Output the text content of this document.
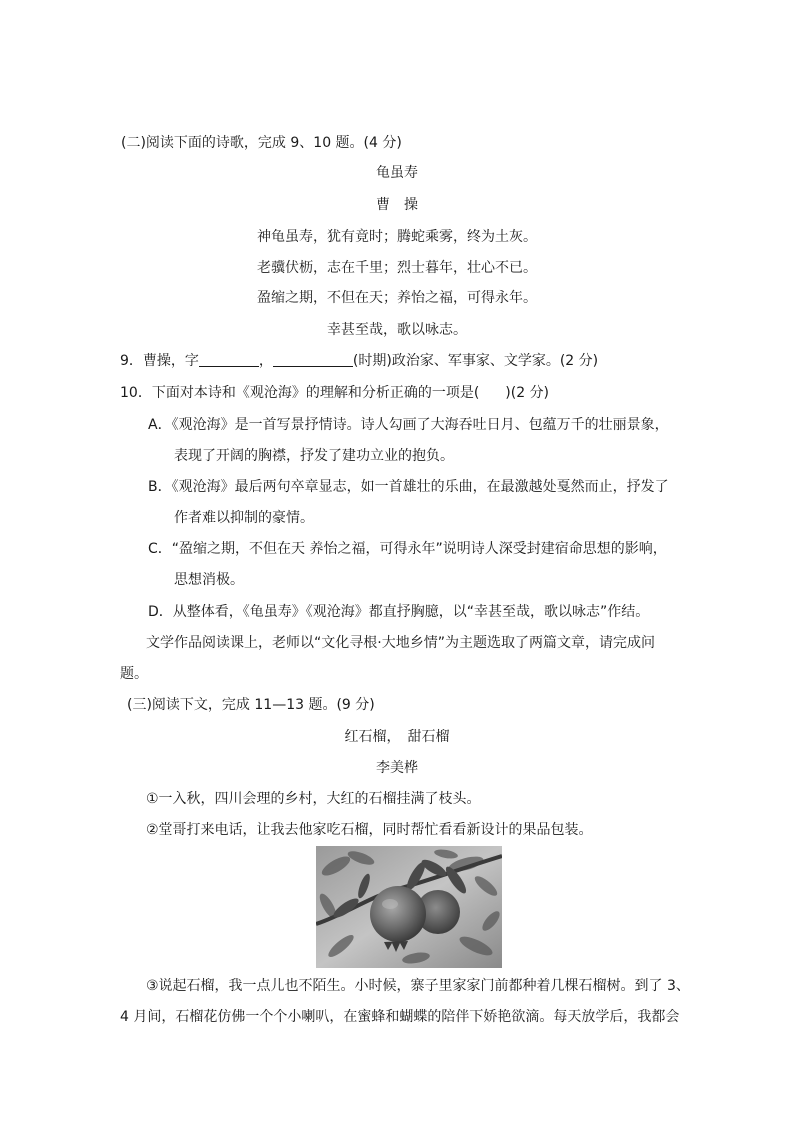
(二)阅读下面的诗歌，完成 9、10 题。(4 分)
龟虽寿
曹　操
神龟虽寿，犹有竟时；腾蛇乘雾，终为土灰。
老骥伏枥，志在千里；烈士暮年，壮心不已。
盈缩之期，不但在天；养怡之福，可得永年。
幸甚至哉，歌以咏志。
9．曹操，字	，	(时期)政治家、军事家、文学家。(2 分)
10．下面对本诗和《观沧海》的理解和分析正确的一项是( )(2 分)
A．《观沧海》是一首写景抒情诗。诗人勾画了大海吞吐日月、包蕴万千的壮丽景象，
表现了开阔的胸襟，抒发了建功立业的抱负。
B．《观沧海》最后两句卒章显志，如一首雄壮的乐曲，在最激越处戛然而止，抒发了
作者难以抑制的豪情。
C．“盈缩之期，不但在天 养怡之福，可得永年”说明诗人深受封建宿命思想的影响，
思想消极。
D．从整体看，《龟虽寿》《观沧海》都直抒胸臆，以“幸甚至哉，歌以咏志”作结。
文学作品阅读课上，老师以“文化寻根·大地乡情”为主题选取了两篇文章，请完成问
题。
(三)阅读下文，完成 11—13 题。(9 分)
红石榴，　甜石榴
李美桦
①一入秋，四川会理的乡村，大红的石榴挂满了枝头。
②堂哥打来电话，让我去他家吃石榴，同时帮忙看看新设计的果品包装。
③说起石榴，我一点儿也不陌生。小时候，寨子里家家门前都种着几棵石榴树。到了 3、
4 月间，石榴花仿佛一个个小喇叭，在蜜蜂和蝴蝶的陪伴下娇艳欲滴。每天放学后，我都会
